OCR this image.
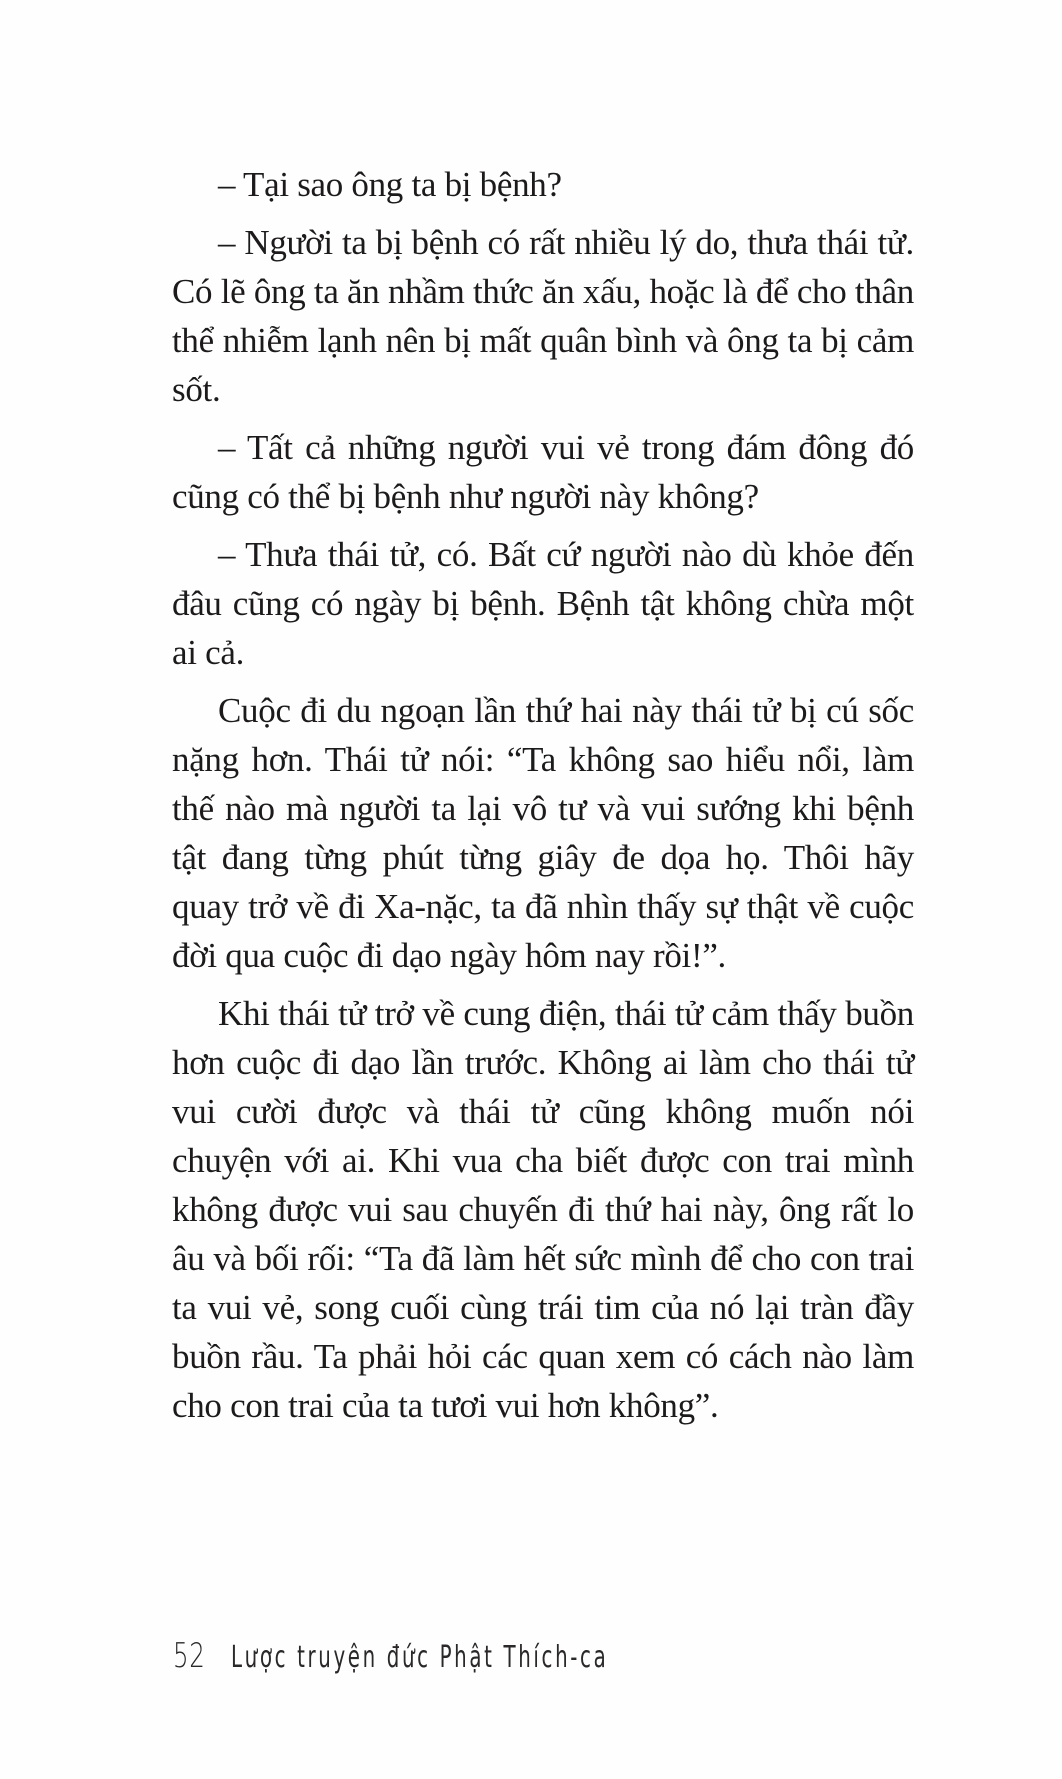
– Tại sao ông ta bị bệnh?

– Người ta bị bệnh có rất nhiều lý do, thưa thái tử. Có lẽ ông ta ăn nhầm thức ăn xấu, hoặc là để cho thân thể nhiễm lạnh nên bị mất quân bình và ông ta bị cảm sốt.

– Tất cả những người vui vẻ trong đám đông đó cũng có thể bị bệnh như người này không?

– Thưa thái tử, có. Bất cứ người nào dù khỏe đến đâu cũng có ngày bị bệnh. Bệnh tật không chừa một ai cả.

Cuộc đi du ngoạn lần thứ hai này thái tử bị cú sốc nặng hơn. Thái tử nói: “Ta không sao hiểu nổi, làm thế nào mà người ta lại vô tư và vui sướng khi bệnh tật đang từng phút từng giây đe dọa họ. Thôi hãy quay trở về đi Xa-nặc, ta đã nhìn thấy sự thật về cuộc đời qua cuộc đi dạo ngày hôm nay rồi!”.

Khi thái tử trở về cung điện, thái tử cảm thấy buồn hơn cuộc đi dạo lần trước. Không ai làm cho thái tử vui cười được và thái tử cũng không muốn nói chuyện với ai. Khi vua cha biết được con trai mình không được vui sau chuyến đi thứ hai này, ông rất lo âu và bối rối: “Ta đã làm hết sức mình để cho con trai ta vui vẻ, song cuối cùng trái tim của nó lại tràn đầy buồn rầu. Ta phải hỏi các quan xem có cách nào làm cho con trai của ta tươi vui hơn không”.

52 Lược truyện đức Phật Thích-ca
